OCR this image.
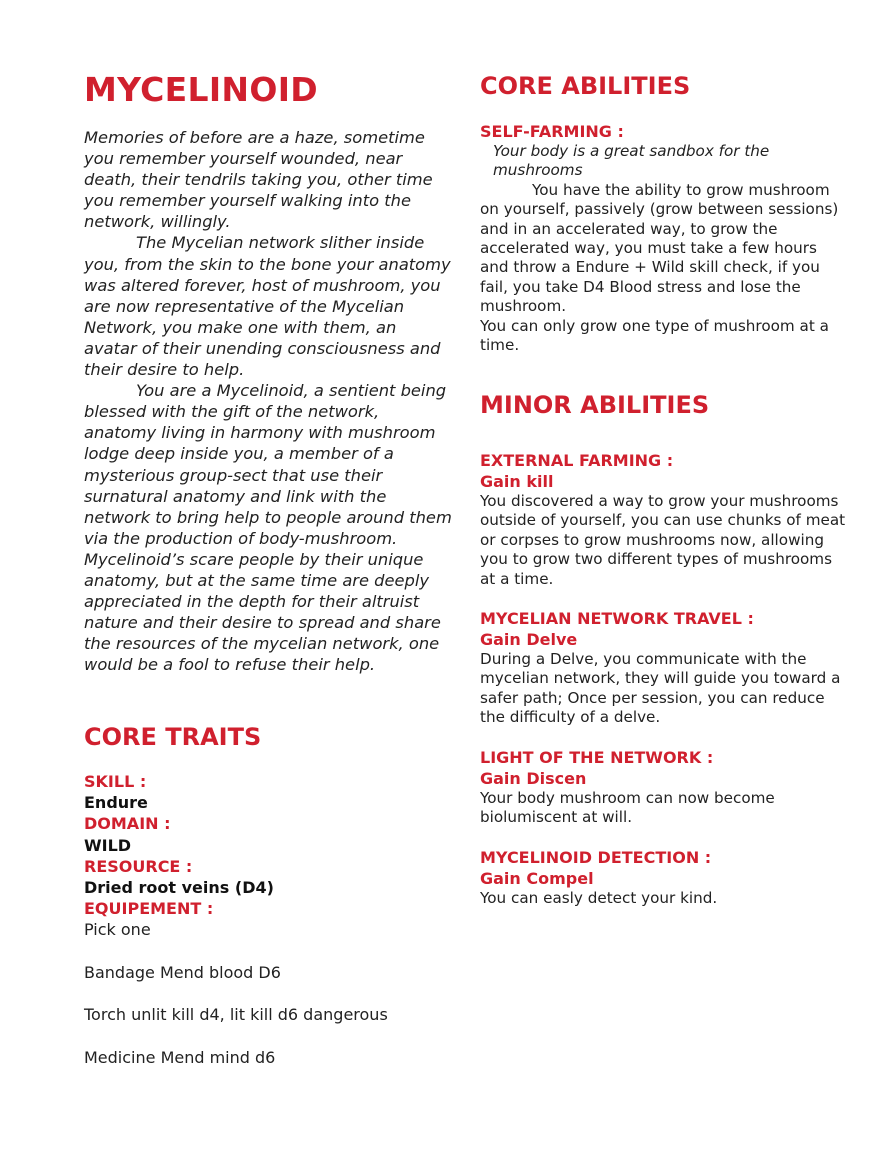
MYCELINOID

Memories of before are a haze, sometime you remember yourself wounded, near death, their tendrils taking you, other time you remember yourself walking into the network, willingly.

The Mycelian network slither inside you, from the skin to the bone your anatomy was altered forever, host of mushroom, you are now representative of the Mycelian Network, you make one with them, an avatar of their unending consciousness and their desire to help.

You are a Mycelinoid, a sentient being blessed with the gift of the network, anatomy living in harmony with mushroom lodge deep inside you, a member of a mysterious group-sect that use their surnatural anatomy and link with the network to bring help to people around them via the production of body-mushroom.

Mycelinoid’s scare people by their unique anatomy, but at the same time are deeply appreciated in the depth for their altruist nature and their desire to spread and share the resources of the mycelian network, one would be a fool to refuse their help.

CORE TRAITS
SKILL :
Endure
DOMAIN :
WILD
RESOURCE :
Dried root veins (D4)
EQUIPEMENT :
Pick one
Bandage Mend blood D6
Torch unlit kill d4, lit kill d6 dangerous
Medicine Mend mind d6
CORE ABILITIES
SELF-FARMING :

Your body is a great sandbox for the mushrooms

You have the ability to grow mushroom on yourself, passively (grow between sessions) and in an accelerated way, to grow the accelerated way, you must take a few hours and throw a Endure + Wild skill check, if you fail, you take D4 Blood stress and lose the mushroom.

You can only grow one type of mushroom at a time.

MINOR ABILITIES
EXTERNAL FARMING :
Gain kill

You discovered a way to grow your mushrooms outside of yourself, you can use chunks of meat or corpses to grow mushrooms now, allowing you to grow two different types of mushrooms at a time.

MYCELIAN NETWORK TRAVEL :
Gain Delve

During a Delve, you communicate with the mycelian network, they will guide you toward a safer path; Once per session, you can reduce the difficulty of a delve.

LIGHT OF THE NETWORK :
Gain Discen

Your body mushroom can now become biolumiscent at will.

MYCELINOID DETECTION :
Gain Compel

You can easly detect your kind.
